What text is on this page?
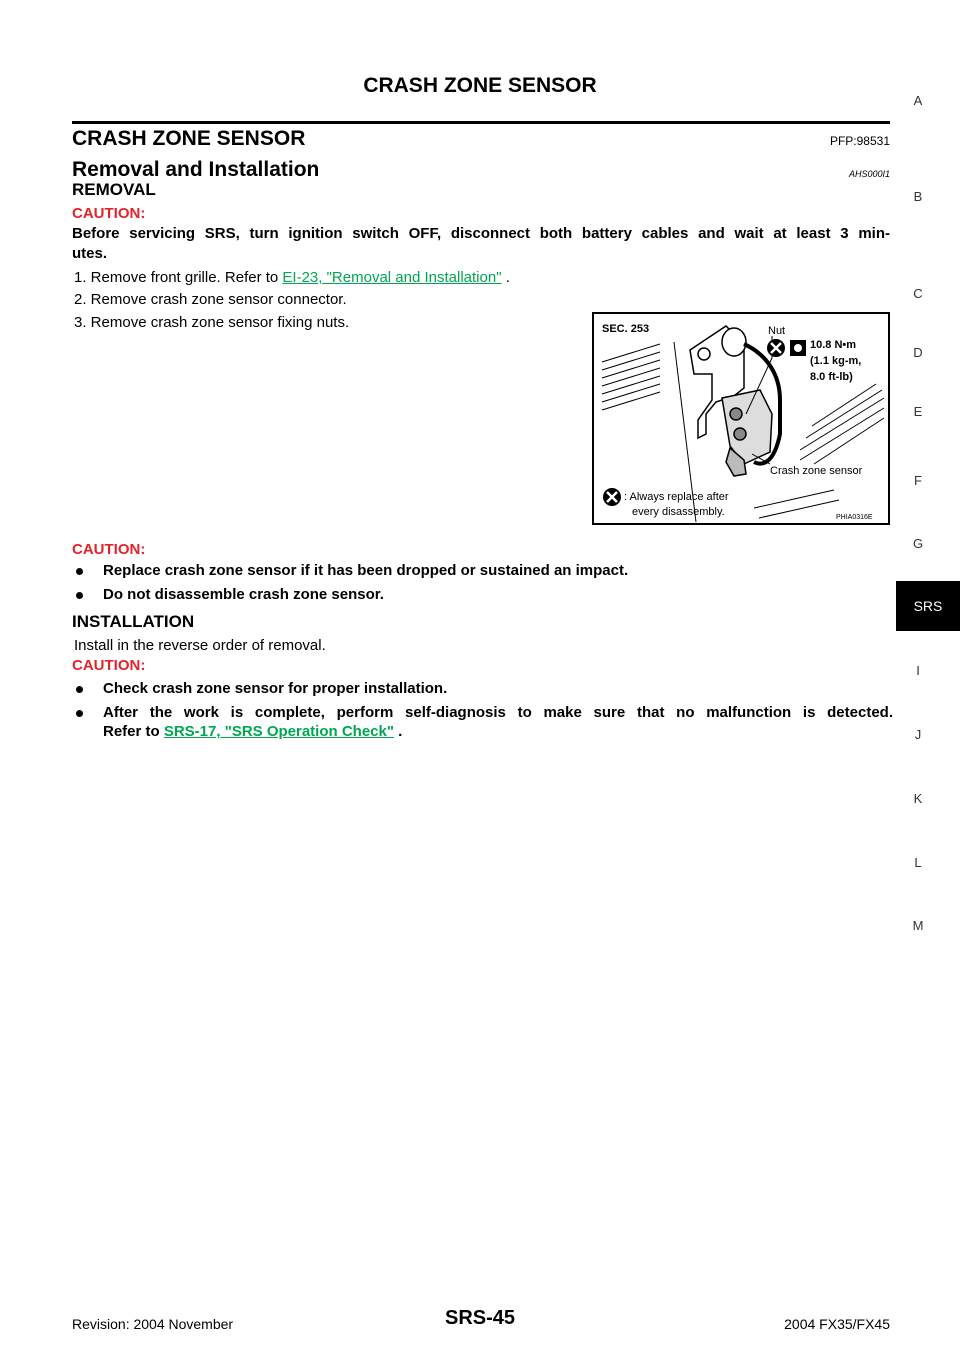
CRASH ZONE SENSOR
CRASH ZONE SENSOR	PFP:98531
Removal and Installation	AHS000I1
REMOVAL
CAUTION:
Before servicing SRS, turn ignition switch OFF, disconnect both battery cables and wait at least 3 min-
utes.
1. Remove front grille. Refer to EI-23, "Removal and Installation" .
2. Remove crash zone sensor connector.
3. Remove crash zone sensor fixing nuts.	SEC. 253	Nut
10.8 N•m
(1.1 kg-m,
8.0 ft-lb)
Crash zone sensor
: Always replace after
every disassembly.	PHIA0316E
CAUTION:
Replace crash zone sensor if it has been dropped or sustained an impact.
Do not disassemble crash zone sensor.
INSTALLATION
Install in the reverse order of removal.
CAUTION:
Check crash zone sensor for proper installation.
After the work is complete, perform self-diagnosis to make sure that no malfunction is detected.
Refer to SRS-17, "SRS Operation Check" .
A
B
C
D
E
F
G
SRS
I
J
K
L
M
Revision: 2004 November	SRS-45	2004 FX35/FX45
